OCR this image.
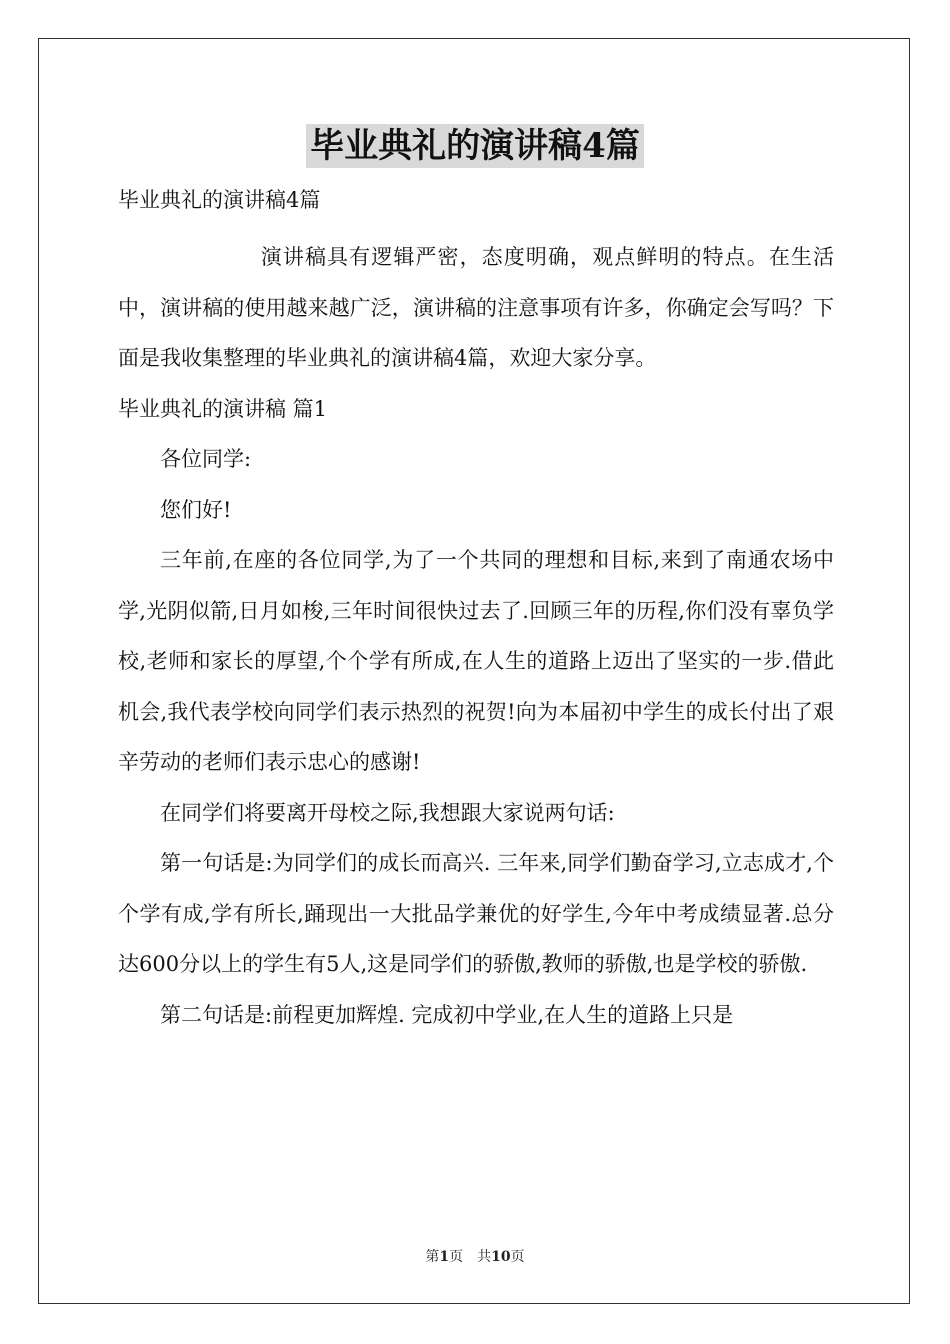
毕业典礼的演讲稿4篇

毕业典礼的演讲稿4篇

演讲稿具有逻辑严密，态度明确，观点鲜明的特点。在生活中，演讲稿的使用越来越广泛，演讲稿的注意事项有许多，你确定会写吗？下面是我收集整理的毕业典礼的演讲稿4篇，欢迎大家分享。

毕业典礼的演讲稿 篇1

各位同学:

您们好!

三年前,在座的各位同学,为了一个共同的理想和目标,来到了南通农场中学,光阴似箭,日月如梭,三年时间很快过去了.回顾三年的历程,你们没有辜负学校,老师和家长的厚望,个个学有所成,在人生的道路上迈出了坚实的一步.借此机会,我代表学校向同学们表示热烈的祝贺!向为本届初中学生的成长付出了艰辛劳动的老师们表示忠心的感谢!

在同学们将要离开母校之际,我想跟大家说两句话:

第一句话是:为同学们的成长而高兴. 三年来,同学们勤奋学习,立志成才,个个学有成,学有所长,踊现出一大批品学兼优的好学生,今年中考成绩显著.总分达600分以上的学生有5人,这是同学们的骄傲,教师的骄傲,也是学校的骄傲.

第二句话是:前程更加辉煌. 完成初中学业,在人生的道路上只是

第1页　共10页
